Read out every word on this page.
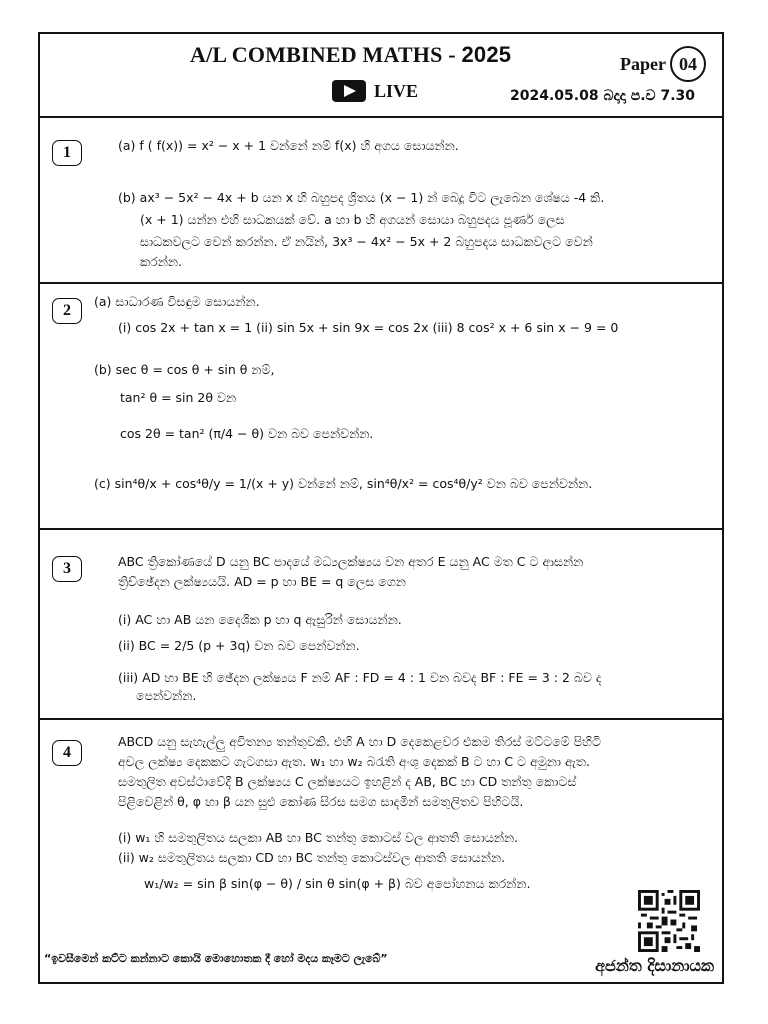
A/L COMBINED MATHS - 2025
LIVE
Paper 04
2024.05.08 බදාදා ප.ව 7.30
1	(a) f ( f(x)) = x² − x + 1 වන්නේ නම් f(x) හි අගය සොයන්න.
(b) ax³ − 5x² − 4x + b යන x හි බහුපද ශ්‍රිතය (x − 1) න් බෙදූ විට ලැබෙන ශේෂය -4 කි.
(x + 1) යන්න එහි සාධකයක් වේ. a හා b හි අගයන් සොයා බහුපදය පූර්ණ ලෙස
සාධකවලට වෙන් කරන්න. ඒ නයින්, 3x³ − 4x² − 5x + 2 බහුපදය සාධකවලට වෙන්
කරන්න.
2
(a) සාධාරණ විසඳුම සොයන්න.
(i) cos 2x + tan x = 1 (ii) sin 5x + sin 9x = cos 2x (iii) 8 cos² x + 6 sin x − 9 = 0
(b) sec θ = cos θ + sin θ නම්,
tan² θ = sin 2θ වන
cos 2θ = tan² (π/4 − θ) වන බව පෙන්වන්න.
(c) sin⁴θ/x + cos⁴θ/y = 1/(x + y) වන්නේ නම්, sin⁴θ/x² = cos⁴θ/y² වන බව පෙන්වන්න.
3	ABC ත්‍රිකෝණයේ D යනු BC පාදයේ මධ්‍යලක්ෂ්‍යය වන අතර E යනු AC මත C ට ආසන්න
ත්‍රිච්ඡේදන ලක්ෂ්‍යයයි. AD = p හා BE = q ලෙස ගෙන
(i) AC හා AB යන දෛශික p හා q ඇසුරින් සොයන්න.
(ii) BC = 2/5 (p + 3q) වන බව පෙන්වන්න.
(iii) AD හා BE හි ඡේදන ලක්ෂ්‍යය F නම් AF : FD = 4 : 1 වන බවද BF : FE = 3 : 2 බව ද
පෙන්වන්න.
4
ABCD යනු සැහැල්ලු අවිතන්‍ය තන්තුවකි. එහි A හා D දෙකෙළවර එකම තිරස් මට්ටමේ පිහිටි
අචල ලක්ෂ්‍ය දෙකකට ගැටගසා ඇත. w₁ හා w₂ බරැති අංශු දෙකක් B ට හා C ට අමුනා ඇත.
සමතුලිත අවස්ථාවේදී B ලක්ෂ්‍යය C ලක්ෂ්‍යයට ඉහළින් ද AB, BC හා CD තන්තු කොටස්
පිළිවෙළින් θ, φ හා β යන සුළු කෝණ සිරස සමග සාදමින් සමතුලිතව පිහිටයි.
(i) w₁ හි සමතුලිතය සලකා AB හා BC තන්තු කොටස් වල ආතති සොයන්න.
(ii) w₂ සමතුලිතය සලකා CD හා BC තන්තු කොටස්වල ආතති සොයන්න.
w₁/w₂ = sin β sin(φ − θ) / sin θ sin(φ + β) බව අපෝහනය කරන්න.
“ඉවසීමෙන් කට්ට කන්නාට කොයි මොහොතක දී හෝ මදය කෑමට ලැබේ”	අජන්ත දිසානායක
